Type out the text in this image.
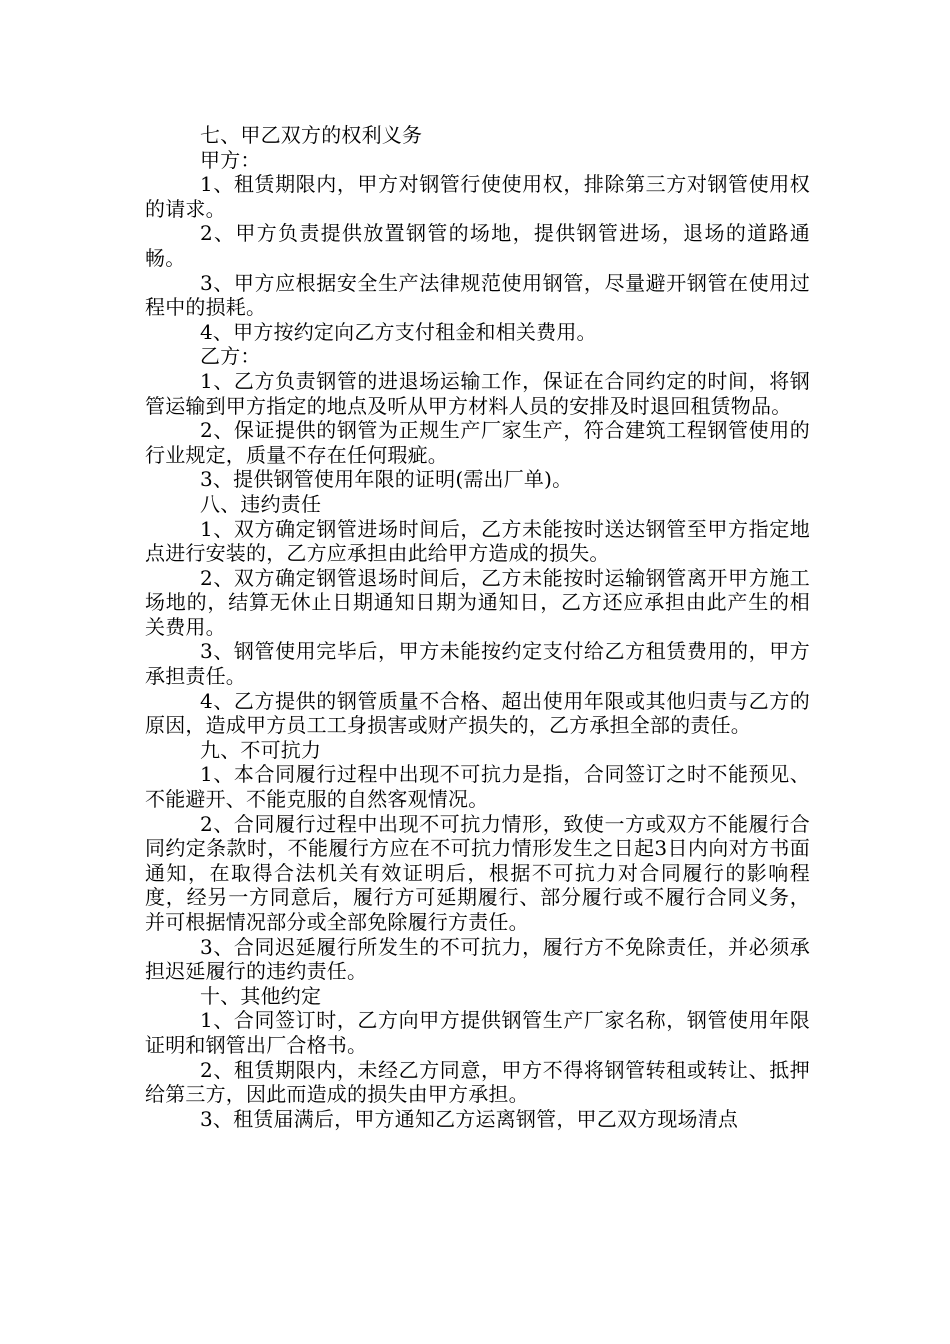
七、甲乙双方的权利义务

甲方：

1、租赁期限内，甲方对钢管行使使用权，排除第三方对钢管使用权的请求。

2、甲方负责提供放置钢管的场地，提供钢管进场，退场的道路通畅。

3、甲方应根据安全生产法律规范使用钢管，尽量避开钢管在使用过程中的损耗。

4、甲方按约定向乙方支付租金和相关费用。

乙方：

1、乙方负责钢管的进退场运输工作，保证在合同约定的时间，将钢管运输到甲方指定的地点及听从甲方材料人员的安排及时退回租赁物品。

2、保证提供的钢管为正规生产厂家生产，符合建筑工程钢管使用的行业规定，质量不存在任何瑕疵。

3、提供钢管使用年限的证明(需出厂单)。

八、违约责任

1、双方确定钢管进场时间后，乙方未能按时送达钢管至甲方指定地点进行安装的，乙方应承担由此给甲方造成的损失。

2、双方确定钢管退场时间后，乙方未能按时运输钢管离开甲方施工场地的，结算无休止日期通知日期为通知日，乙方还应承担由此产生的相关费用。

3、钢管使用完毕后，甲方未能按约定支付给乙方租赁费用的，甲方承担责任。

4、乙方提供的钢管质量不合格、超出使用年限或其他归责与乙方的原因，造成甲方员工工身损害或财产损失的，乙方承担全部的责任。

九、不可抗力

1、本合同履行过程中出现不可抗力是指，合同签订之时不能预见、不能避开、不能克服的自然客观情况。

2、合同履行过程中出现不可抗力情形，致使一方或双方不能履行合同约定条款时，不能履行方应在不可抗力情形发生之日起3日内向对方书面通知，在取得合法机关有效证明后，根据不可抗力对合同履行的影响程度，经另一方同意后，履行方可延期履行、部分履行或不履行合同义务，并可根据情况部分或全部免除履行方责任。

3、合同迟延履行所发生的不可抗力，履行方不免除责任，并必须承担迟延履行的违约责任。

十、其他约定

1、合同签订时，乙方向甲方提供钢管生产厂家名称，钢管使用年限证明和钢管出厂合格书。

2、租赁期限内，未经乙方同意，甲方不得将钢管转租或转让、抵押给第三方，因此而造成的损失由甲方承担。

3、租赁届满后，甲方通知乙方运离钢管，甲乙双方现场清点
